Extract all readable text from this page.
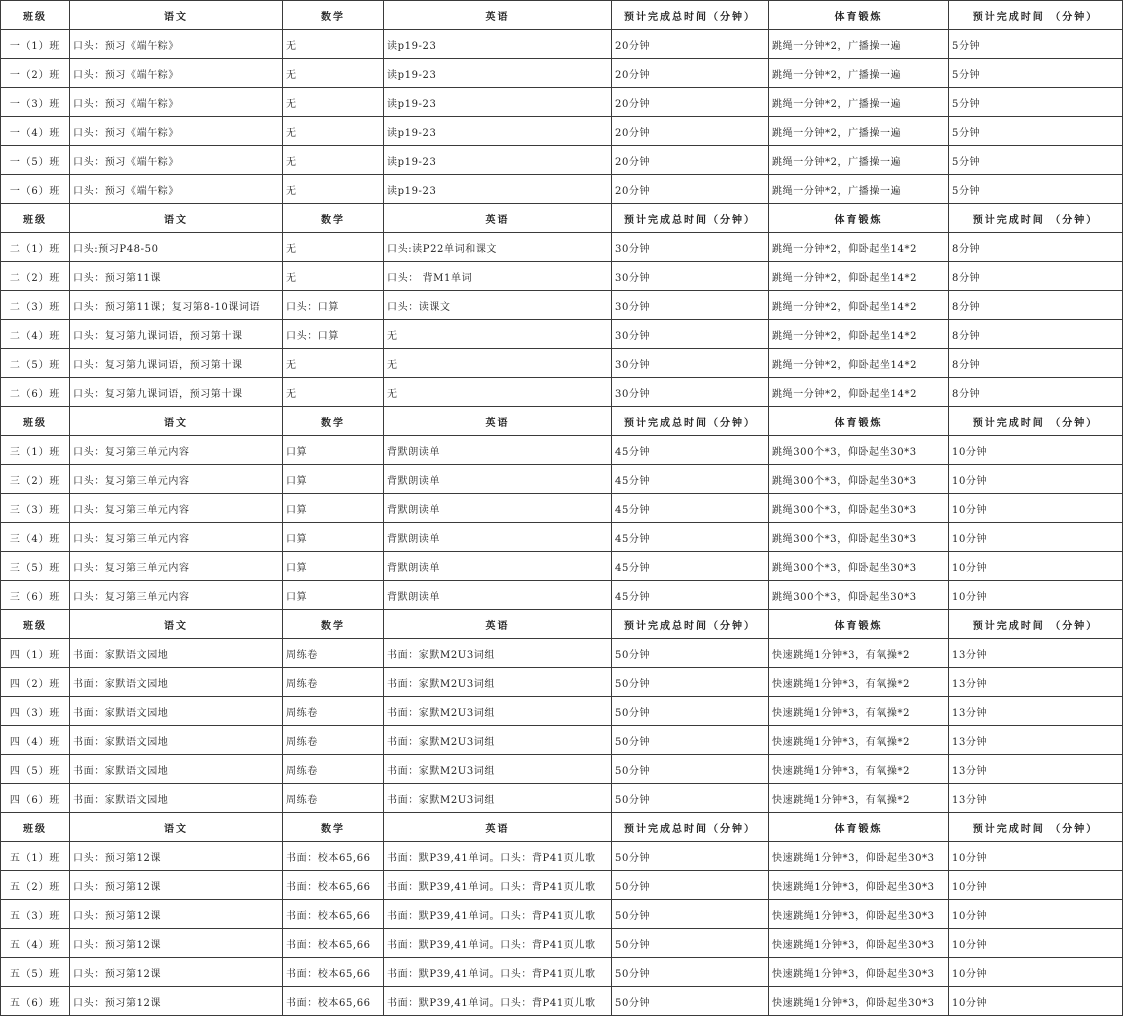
班级	语文	数学	英语	预计完成总时间（分钟）	体育锻炼	预计完成时间 （分钟）
一（1）班	口头：预习《端午粽》	无	读p19-23	20分钟	跳绳一分钟*2，广播操一遍	5分钟
一（2）班	口头：预习《端午粽》	无	读p19-23	20分钟	跳绳一分钟*2，广播操一遍	5分钟
一（3）班	口头：预习《端午粽》	无	读p19-23	20分钟	跳绳一分钟*2，广播操一遍	5分钟
一（4）班	口头：预习《端午粽》	无	读p19-23	20分钟	跳绳一分钟*2，广播操一遍	5分钟
一（5）班	口头：预习《端午粽》	无	读p19-23	20分钟	跳绳一分钟*2，广播操一遍	5分钟
一（6）班	口头：预习《端午粽》	无	读p19-23	20分钟	跳绳一分钟*2，广播操一遍	5分钟
班级	语文	数学	英语	预计完成总时间（分钟）	体育锻炼	预计完成时间 （分钟）
二（1）班	口头:预习P48-50	无	口头:读P22单词和课文	30分钟	跳绳一分钟*2，仰卧起坐14*2	8分钟
二（2）班	口头：预习第11课	无	口头： 背M1单词	30分钟	跳绳一分钟*2，仰卧起坐14*2	8分钟
二（3）班	口头：预习第11课；复习第8-10课词语	口头：口算	口头：读课文	30分钟	跳绳一分钟*2，仰卧起坐14*2	8分钟
二（4）班	口头：复习第九课词语，预习第十课	口头：口算	无	30分钟	跳绳一分钟*2，仰卧起坐14*2	8分钟
二（5）班	口头：复习第九课词语，预习第十课	无	无	30分钟	跳绳一分钟*2，仰卧起坐14*2	8分钟
二（6）班	口头：复习第九课词语，预习第十课	无	无	30分钟	跳绳一分钟*2，仰卧起坐14*2	8分钟
班级	语文	数学	英语	预计完成总时间（分钟）	体育锻炼	预计完成时间 （分钟）
三（1）班	口头：复习第三单元内容	口算	背默朗读单	45分钟	跳绳300个*3，仰卧起坐30*3	10分钟
三（2）班	口头：复习第三单元内容	口算	背默朗读单	45分钟	跳绳300个*3，仰卧起坐30*3	10分钟
三（3）班	口头：复习第三单元内容	口算	背默朗读单	45分钟	跳绳300个*3，仰卧起坐30*3	10分钟
三（4）班	口头：复习第三单元内容	口算	背默朗读单	45分钟	跳绳300个*3，仰卧起坐30*3	10分钟
三（5）班	口头：复习第三单元内容	口算	背默朗读单	45分钟	跳绳300个*3，仰卧起坐30*3	10分钟
三（6）班	口头：复习第三单元内容	口算	背默朗读单	45分钟	跳绳300个*3，仰卧起坐30*3	10分钟
班级	语文	数学	英语	预计完成总时间（分钟）	体育锻炼	预计完成时间 （分钟）
四（1）班	书面：家默语文园地	周练卷	书面：家默M2U3词组	50分钟	快速跳绳1分钟*3，有氧操*2	13分钟
四（2）班	书面：家默语文园地	周练卷	书面：家默M2U3词组	50分钟	快速跳绳1分钟*3，有氧操*2	13分钟
四（3）班	书面：家默语文园地	周练卷	书面：家默M2U3词组	50分钟	快速跳绳1分钟*3，有氧操*2	13分钟
四（4）班	书面：家默语文园地	周练卷	书面：家默M2U3词组	50分钟	快速跳绳1分钟*3，有氧操*2	13分钟
四（5）班	书面：家默语文园地	周练卷	书面：家默M2U3词组	50分钟	快速跳绳1分钟*3，有氧操*2	13分钟
四（6）班	书面：家默语文园地	周练卷	书面：家默M2U3词组	50分钟	快速跳绳1分钟*3，有氧操*2	13分钟
班级	语文	数学	英语	预计完成总时间（分钟）	体育锻炼	预计完成时间 （分钟）
五（1）班	口头：预习第12课	书面：校本65,66	书面：默P39,41单词。口头：背P41页儿歌	50分钟	快速跳绳1分钟*3，仰卧起坐30*3	10分钟
五（2）班	口头：预习第12课	书面：校本65,66	书面：默P39,41单词。口头：背P41页儿歌	50分钟	快速跳绳1分钟*3，仰卧起坐30*3	10分钟
五（3）班	口头：预习第12课	书面：校本65,66	书面：默P39,41单词。口头：背P41页儿歌	50分钟	快速跳绳1分钟*3，仰卧起坐30*3	10分钟
五（4）班	口头：预习第12课	书面：校本65,66	书面：默P39,41单词。口头：背P41页儿歌	50分钟	快速跳绳1分钟*3，仰卧起坐30*3	10分钟
五（5）班	口头：预习第12课	书面：校本65,66	书面：默P39,41单词。口头：背P41页儿歌	50分钟	快速跳绳1分钟*3，仰卧起坐30*3	10分钟
五（6）班	口头：预习第12课	书面：校本65,66	书面：默P39,41单词。口头：背P41页儿歌	50分钟	快速跳绳1分钟*3，仰卧起坐30*3	10分钟
